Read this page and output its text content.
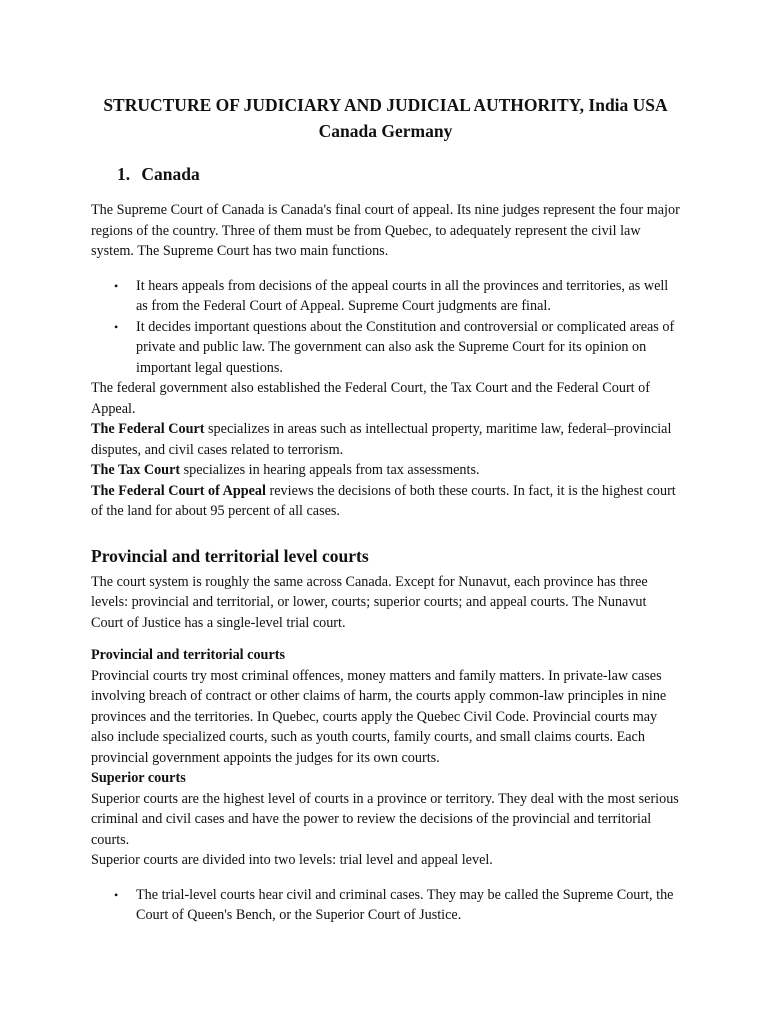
STRUCTURE OF JUDICIARY AND JUDICIAL AUTHORITY, India USA Canada Germany
1. Canada

The Supreme Court of Canada is Canada's final court of appeal. Its nine judges represent the four major regions of the country. Three of them must be from Quebec, to adequately represent the civil law system. The Supreme Court has two main functions.

• It hears appeals from decisions of the appeal courts in all the provinces and territories, as well as from the Federal Court of Appeal. Supreme Court judgments are final.
• It decides important questions about the Constitution and controversial or complicated areas of private and public law. The government can also ask the Supreme Court for its opinion on important legal questions.

The federal government also established the Federal Court, the Tax Court and the Federal Court of Appeal.

The Federal Court specializes in areas such as intellectual property, maritime law, federal–provincial disputes, and civil cases related to terrorism.

The Tax Court specializes in hearing appeals from tax assessments.

The Federal Court of Appeal reviews the decisions of both these courts. In fact, it is the highest court of the land for about 95 percent of all cases.

Provincial and territorial level courts

The court system is roughly the same across Canada. Except for Nunavut, each province has three levels: provincial and territorial, or lower, courts; superior courts; and appeal courts. The Nunavut Court of Justice has a single-level trial court.

Provincial and territorial courts

Provincial courts try most criminal offences, money matters and family matters. In private-law cases involving breach of contract or other claims of harm, the courts apply common-law principles in nine provinces and the territories. In Quebec, courts apply the Quebec Civil Code. Provincial courts may also include specialized courts, such as youth courts, family courts, and small claims courts. Each provincial government appoints the judges for its own courts.

Superior courts

Superior courts are the highest level of courts in a province or territory. They deal with the most serious criminal and civil cases and have the power to review the decisions of the provincial and territorial courts.

Superior courts are divided into two levels: trial level and appeal level.

• The trial-level courts hear civil and criminal cases. They may be called the Supreme Court, the Court of Queen's Bench, or the Superior Court of Justice.
